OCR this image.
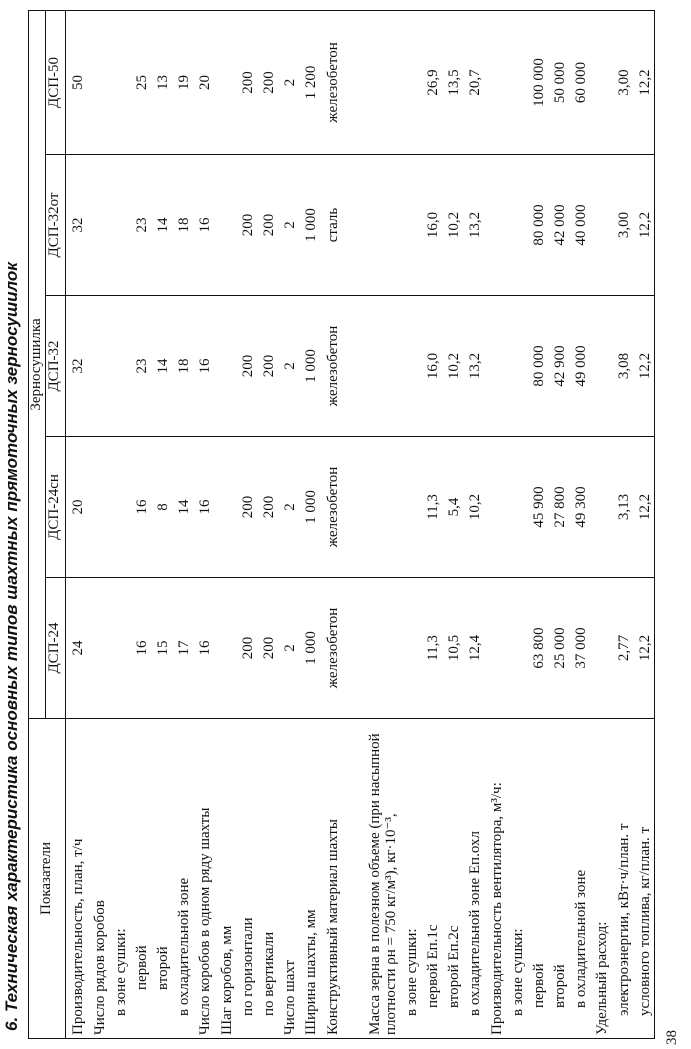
6. Техническая характеристика основных типов шахтных прямоточных зерносушилок Показатели	Зерносушилка				
	ДСП-24	ДСП-24сн	ДСП-32	ДСП-32от	ДСП-50
Производительность, план, т/ч	24	20	32	32	50
Число рядов коробов					
в зоне сушки:					
первой	16	16	23	23	25
второй	15	8	14	14	13
в охладительной зоне	17	14	18	18	19
Число коробов в одном ряду шахты	16	16	16	16	20
Шаг коробов, мм					
по горизонтали	200	200	200	200	200
по вертикали	200	200	200	200	200
Число шахт	2	2	2	2	2
Ширина шахты, мм	1 000	1 000	1 000	1 000	1 200
Конструктивный материал шахты	железобетон	железобетон	железобетон	сталь	железобетон
Масса зерна в полезном объеме (при насыпной плотности ρн = 750 кг/м³), кг·10⁻³,					
в зоне сушки:					
первой Eп.1с	11,3	11,3	16,0	16,0	26,9
второй Eп.2с	10,5	5,4	10,2	10,2	13,5
в охладительной зоне Eп.охл	12,4	10,2	13,2	13,2	20,7
Производительность вентилятора, м³/ч:					
в зоне сушки:					
первой	63 800	45 900	80 000	80 000	100 000
второй	25 000	27 800	42 900	42 000	50 000
в охладительной зоне	37 000	49 300	49 000	40 000	60 000
Удельный расход:					
электроэнергии, кВт·ч/план. т	2,77	3,13	3,08	3,00	3,00
условного топлива, кг/план. т	12,2	12,2	12,2	12,2	12,2
38
